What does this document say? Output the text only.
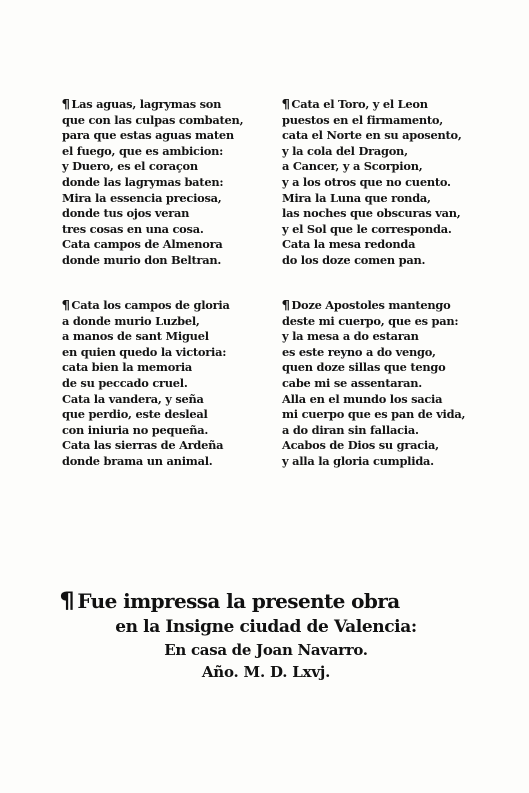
¶ Las aguas, lagrymas son
que con las culpas combaten,
para que estas aguas maten
el fuego, que es ambicion:
y Duero, es el coraçon
donde las lagrymas baten:
Mira la essencia preciosa,
donde tus ojos veran
tres cosas en una cosa.
Cata campos de Almenora
donde murio don Beltran.
¶ Cata el Toro, y el Leon
puestos en el firmamento,
cata el Norte en su aposento,
y la cola del Dragon,
a Cancer, y a Scorpion,
y a los otros que no cuento.
Mira la Luna que ronda,
las noches que obscuras van,
y el Sol que le corresponda.
Cata la mesa redonda
do los doze comen pan.
¶ Cata los campos de gloria
a donde murio Luzbel,
a manos de sant Miguel
en quien quedo la victoria:
cata bien la memoria
de su peccado cruel.
Cata la vandera, y seña
que perdio, este desleal
con iniuria no pequeña.
Cata las sierras de Ardeña
donde brama un animal.
¶ Doze Apostoles mantengo
deste mi cuerpo, que es pan:
y la mesa a do estaran
es este reyno a do vengo,
quen doze sillas que tengo
cabe mi se assentaran.
Alla en el mundo los sacia
mi cuerpo que es pan de vida,
a do diran sin fallacia.
Acabos de Dios su gracia,
y alla la gloria cumplida.
¶ Fue impressa la presente obra
en la Insigne ciudad de Valencia:
En casa de Joan Navarro.
Año. M. D. Lxvj.
